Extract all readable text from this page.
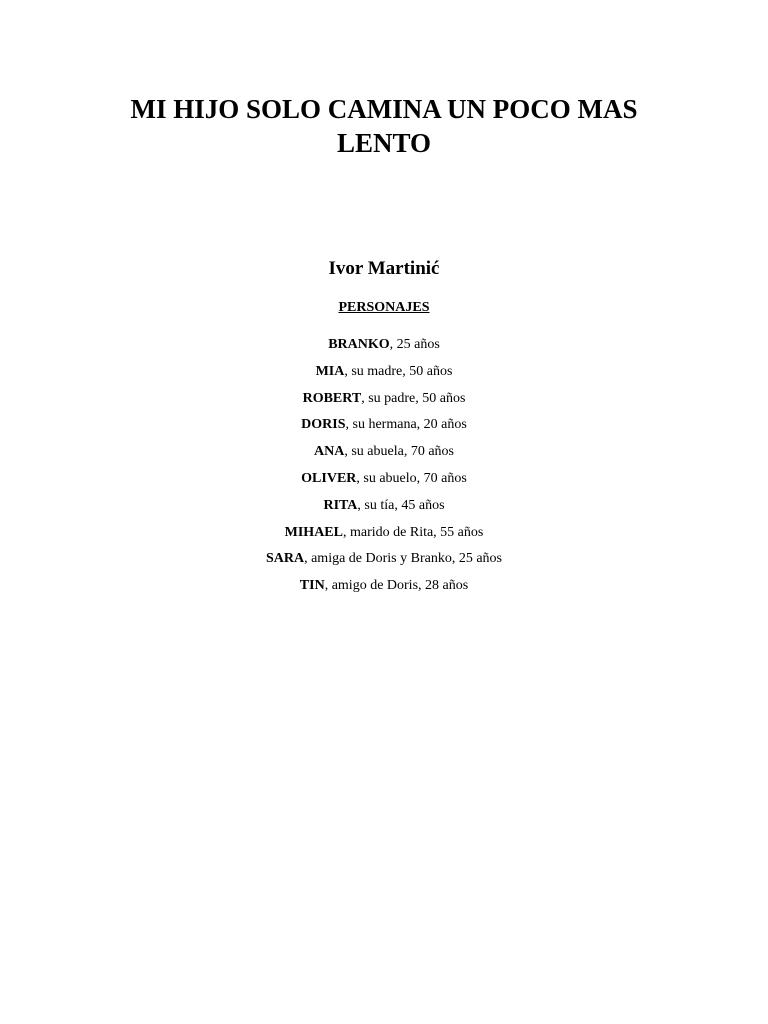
MI HIJO SOLO CAMINA UN POCO MAS
LENTO
Ivor Martinić
PERSONAJES
BRANKO, 25 años
MIA, su madre, 50 años
ROBERT, su padre, 50 años
DORIS, su hermana, 20 años
ANA, su abuela, 70 años
OLIVER, su abuelo, 70 años
RITA, su tía, 45 años
MIHAEL, marido de Rita, 55 años
SARA, amiga de Doris y Branko, 25 años
TIN, amigo de Doris, 28 años
